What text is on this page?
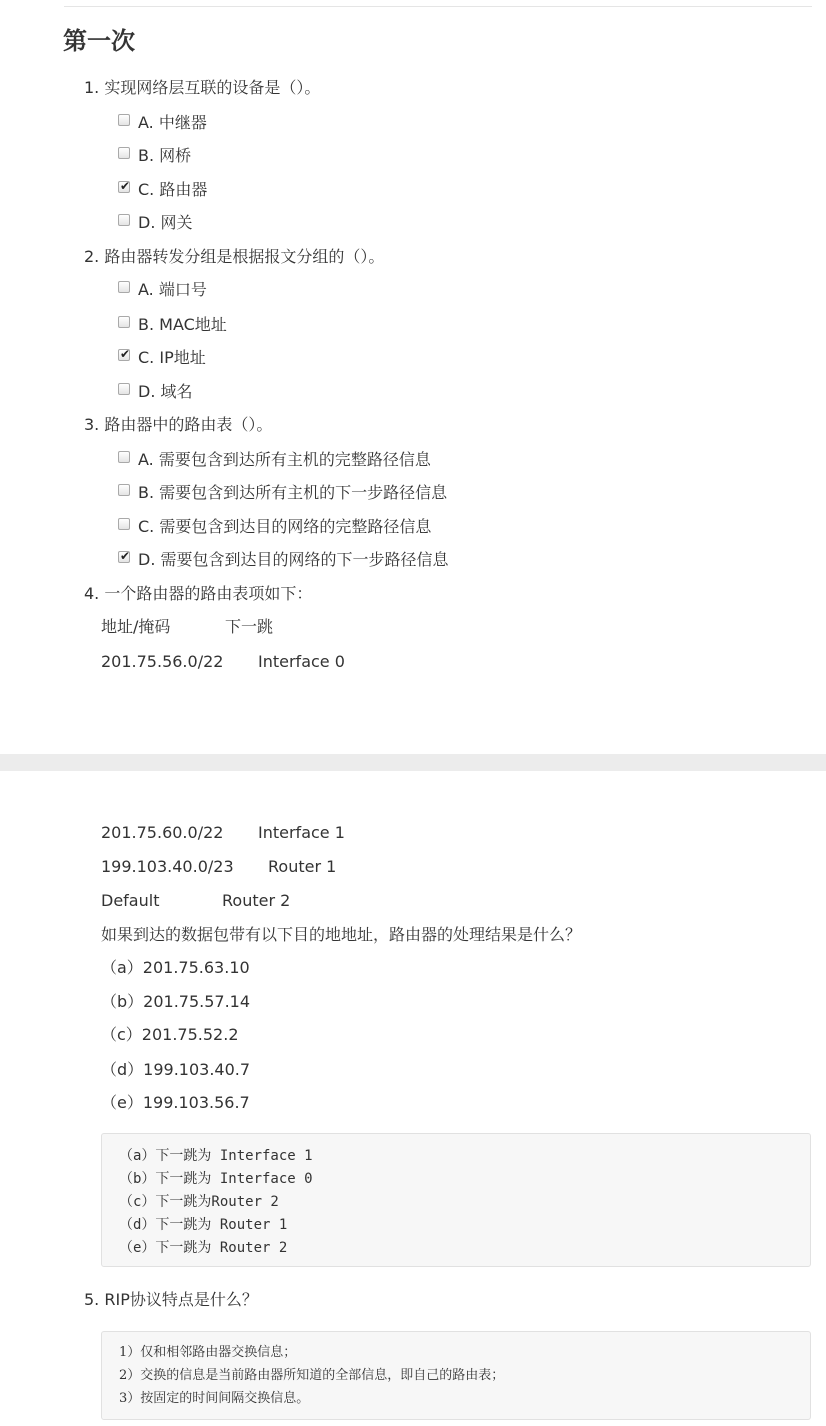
第一次
1. 实现网络层互联的设备是（）。
A. 中继器
B. 网桥
✔
C. 路由器
D. 网关
2. 路由器转发分组是根据报文分组的（）。
A. 端口号
B. MAC地址
✔
C. IP地址
D. 域名
3. 路由器中的路由表（）。
A. 需要包含到达所有主机的完整路径信息
B. 需要包含到达所有主机的下一步路径信息
C. 需要包含到达目的网络的完整路径信息
✔
D. 需要包含到达目的网络的下一步路径信息
4. 一个路由器的路由表项如下：
地址/掩码	下一跳
201.75.56.0/22 Interface 0
201.75.60.0/22 Interface 1
199.103.40.0/23 Router 1
Default	Router 2
如果到达的数据包带有以下目的地地址，路由器的处理结果是什么？
（a）201.75.63.10
（b）201.75.57.14
（c）201.75.52.2
（d）199.103.40.7
（e）199.103.56.7
（a）下一跳为 Interface 1
（b）下一跳为 Interface 0
（c）下一跳为Router 2
（d）下一跳为 Router 1
（e）下一跳为 Router 2
5. RIP协议特点是什么？
1）仅和相邻路由器交换信息；
2）交换的信息是当前路由器所知道的全部信息，即自己的路由表；
3）按固定的时间间隔交换信息。
